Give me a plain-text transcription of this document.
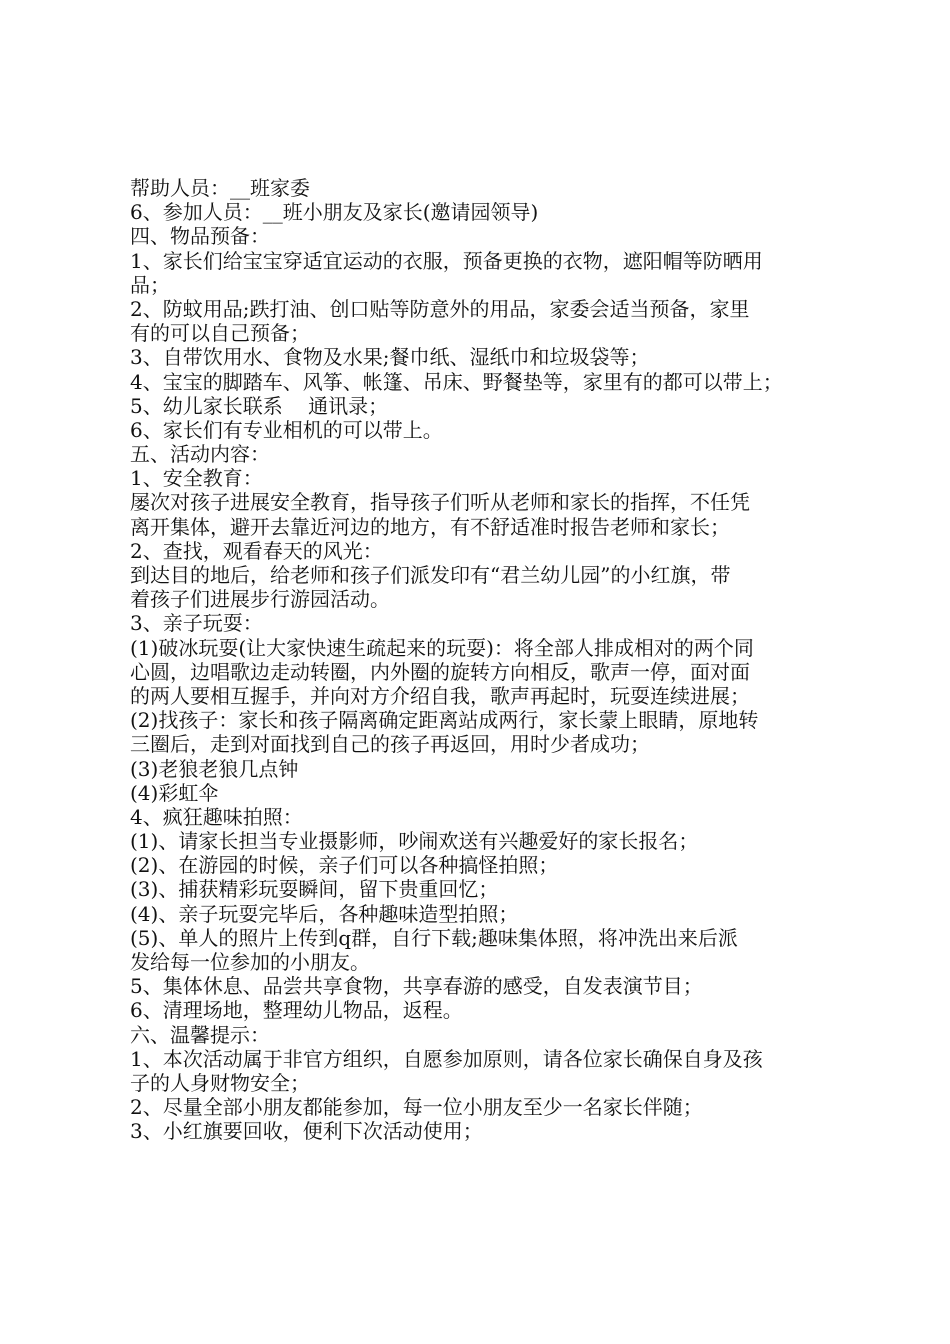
帮助人员：__班家委
6、参加人员：__班小朋友及家长(邀请园领导)
四、物品预备：
1、家长们给宝宝穿适宜运动的衣服，预备更换的衣物，遮阳帽等防晒用
品；
2、防蚊用品;跌打油、创口贴等防意外的用品，家委会适当预备，家里
有的可以自己预备；
3、自带饮用水、食物及水果;餐巾纸、湿纸巾和垃圾袋等；
4、宝宝的脚踏车、风筝、帐篷、吊床、野餐垫等，家里有的都可以带上；
5、幼儿家长联系    通讯录；
6、家长们有专业相机的可以带上。
五、活动内容：
1、安全教育：
屡次对孩子进展安全教育，指导孩子们听从老师和家长的指挥，不任凭
离开集体，避开去靠近河边的地方，有不舒适准时报告老师和家长；
2、查找，观看春天的风光：
到达目的地后，给老师和孩子们派发印有“君兰幼儿园”的小红旗，带
着孩子们进展步行游园活动。
3、亲子玩耍：
(1)破冰玩耍(让大家快速生疏起来的玩耍)：将全部人排成相对的两个同
心圆，边唱歌边走动转圈，内外圈的旋转方向相反，歌声一停，面对面
的两人要相互握手，并向对方介绍自我，歌声再起时，玩耍连续进展；
(2)找孩子：家长和孩子隔离确定距离站成两行，家长蒙上眼睛，原地转
三圈后，走到对面找到自己的孩子再返回，用时少者成功；
(3)老狼老狼几点钟
(4)彩虹伞
4、疯狂趣味拍照：
(1)、请家长担当专业摄影师，吵闹欢送有兴趣爱好的家长报名；
(2)、在游园的时候，亲子们可以各种搞怪拍照；
(3)、捕获精彩玩耍瞬间，留下贵重回忆；
(4)、亲子玩耍完毕后，各种趣味造型拍照；
(5)、单人的照片上传到q群，自行下载;趣味集体照，将冲洗出来后派
发给每一位参加的小朋友。
5、集体休息、品尝共享食物，共享春游的感受，自发表演节目；
6、清理场地，整理幼儿物品，返程。
六、温馨提示：
1、本次活动属于非官方组织，自愿参加原则，请各位家长确保自身及孩
子的人身财物安全；
2、尽量全部小朋友都能参加，每一位小朋友至少一名家长伴随；
3、小红旗要回收，便利下次活动使用；
